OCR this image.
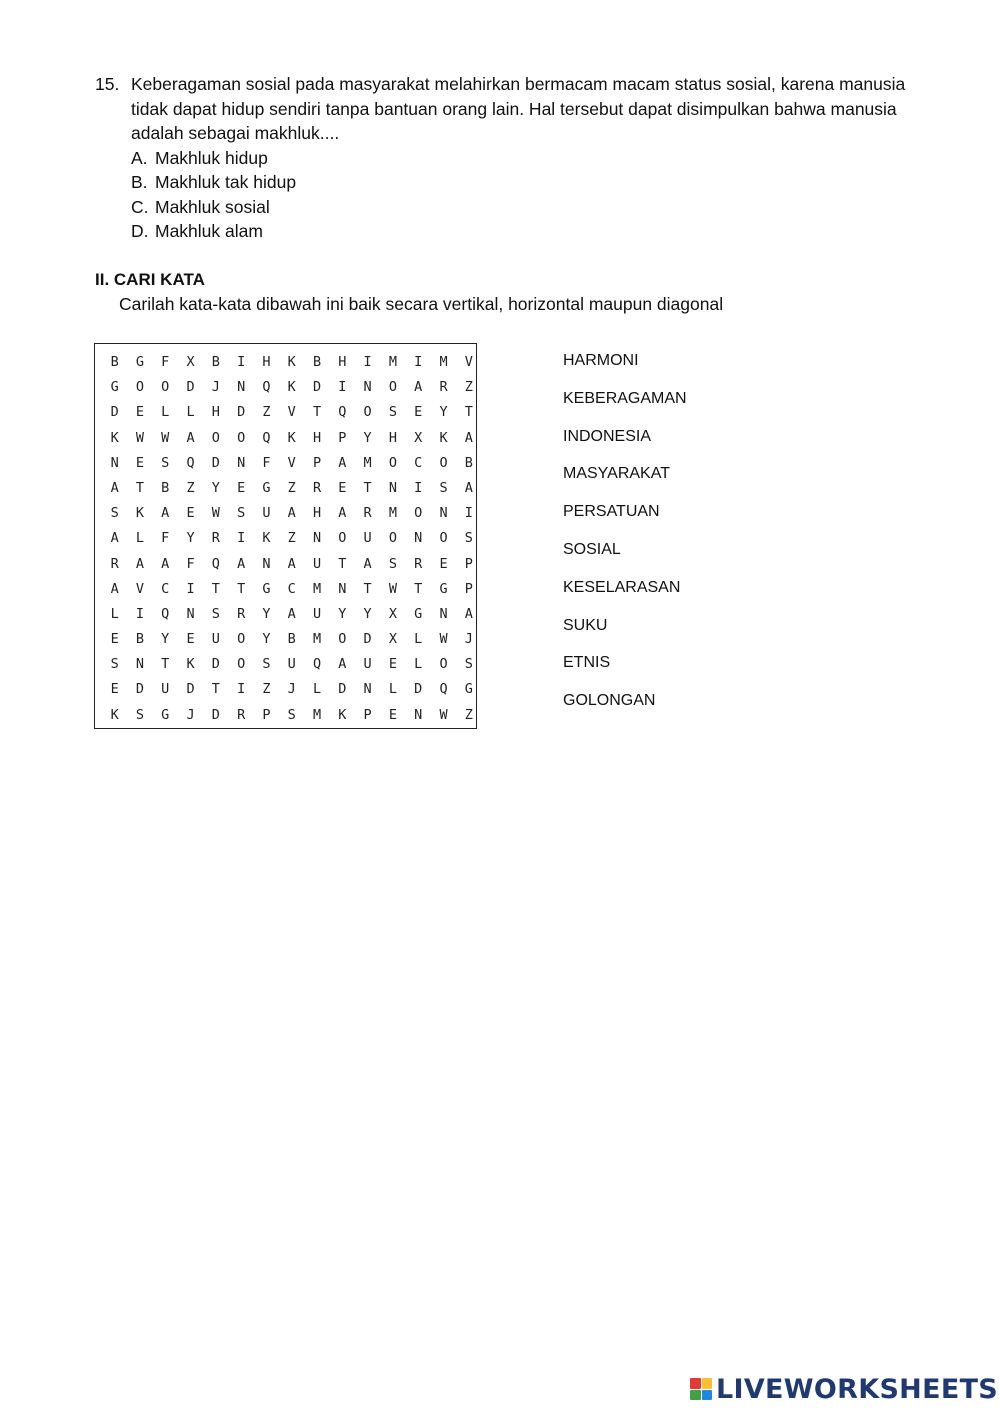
15. Keberagaman sosial pada masyarakat melahirkan bermacam macam status sosial, karena manusia tidak dapat hidup sendiri tanpa bantuan orang lain. Hal tersebut dapat disimpulkan bahwa manusia adalah sebagai makhluk....
A. Makhluk hidup
B. Makhluk tak hidup
C. Makhluk sosial
D. Makhluk alam
II. CARI KATA
Carilah kata-kata dibawah ini baik secara vertikal, horizontal maupun diagonal
B	G	F	X	B	I	H	K	B	H	I	M	I	M	V
G	O	O	D	J	N	Q	K	D	I	N	O	A	R	Z
D	E	L	L	H	D	Z	V	T	Q	O	S	E	Y	T
K	W	W	A	O	O	Q	K	H	P	Y	H	X	K	A
N	E	S	Q	D	N	F	V	P	A	M	O	C	O	B
A	T	B	Z	Y	E	G	Z	R	E	T	N	I	S	A
S	K	A	E	W	S	U	A	H	A	R	M	O	N	I
A	L	F	Y	R	I	K	Z	N	O	U	O	N	O	S
R	A	A	F	Q	A	N	A	U	T	A	S	R	E	P
A	V	C	I	T	T	G	C	M	N	T	W	T	G	P
L	I	Q	N	S	R	Y	A	U	Y	Y	X	G	N	A
E	B	Y	E	U	O	Y	B	M	O	D	X	L	W	J
S	N	T	K	D	O	S	U	Q	A	U	E	L	O	S
E	D	U	D	T	I	Z	J	L	D	N	L	D	Q	G
K	S	G	J	D	R	P	S	M	K	P	E	N	W	Z
HARMONI
KEBERAGAMAN
INDONESIA
MASYARAKAT
PERSATUAN
SOSIAL
KESELARASAN
SUKU
ETNIS
GOLONGAN
LIVEWORKSHEETS
